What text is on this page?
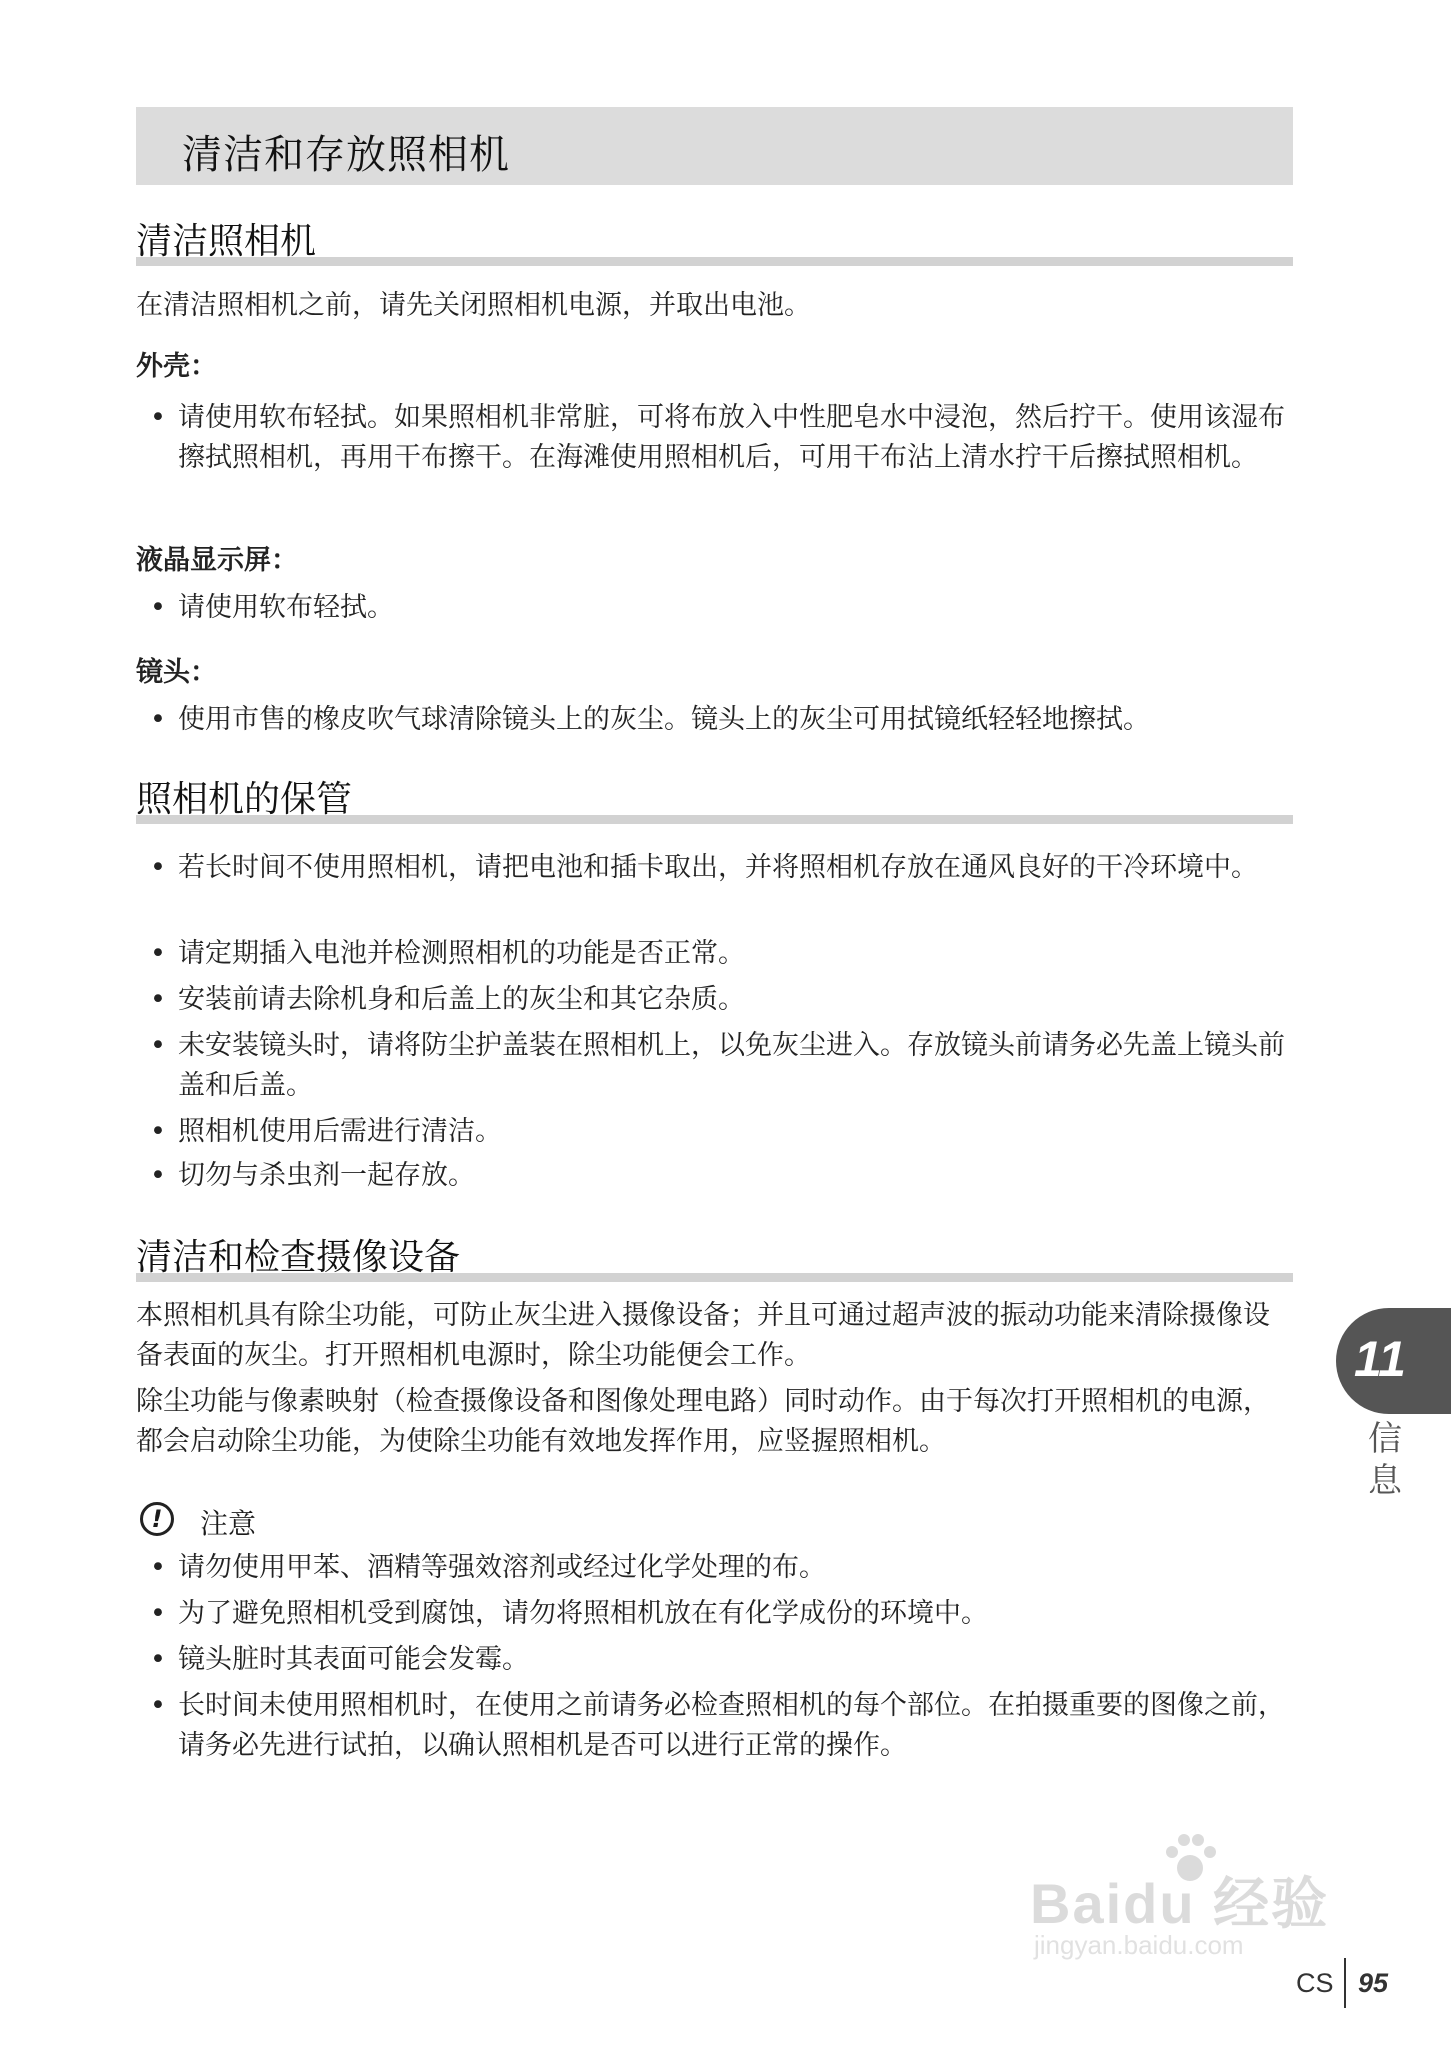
清洁和存放照相机
清洁照相机

在清洁照相机之前，请先关闭照相机电源，并取出电池。

外壳：

• 请使用软布轻拭。如果照相机非常脏，可将布放入中性肥皂水中浸泡，然后拧干。使用该湿布擦拭照相机，再用干布擦干。在海滩使用照相机后，可用干布沾上清水拧干后擦拭照相机。

液晶显示屏：

• 请使用软布轻拭。

镜头：

• 使用市售的橡皮吹气球清除镜头上的灰尘。镜头上的灰尘可用拭镜纸轻轻地擦拭。
照相机的保管
• 若长时间不使用照相机，请把电池和插卡取出，并将照相机存放在通风良好的干冷环境中。
• 请定期插入电池并检测照相机的功能是否正常。
• 安装前请去除机身和后盖上的灰尘和其它杂质。
• 未安装镜头时，请将防尘护盖装在照相机上，以免灰尘进入。存放镜头前请务必先盖上镜头前盖和后盖。
• 照相机使用后需进行清洁。
• 切勿与杀虫剂一起存放。
清洁和检查摄像设备

本照相机具有除尘功能，可防止灰尘进入摄像设备；并且可通过超声波的振动功能来清除摄像设备表面的灰尘。打开照相机电源时，除尘功能便会工作。

除尘功能与像素映射（检查摄像设备和图像处理电路）同时动作。由于每次打开照相机的电源，都会启动除尘功能，为使除尘功能有效地发挥作用，应竖握照相机。

!	注意
• 请勿使用甲苯、酒精等强效溶剂或经过化学处理的布。
• 为了避免照相机受到腐蚀，请勿将照相机放在有化学成份的环境中。
• 镜头脏时其表面可能会发霉。
• 长时间未使用照相机时，在使用之前请务必检查照相机的每个部位。在拍摄重要的图像之前，请务必先进行试拍，以确认照相机是否可以进行正常的操作。
11
信息
Baidu 经验
jingyan.baidu.com
CS 95
